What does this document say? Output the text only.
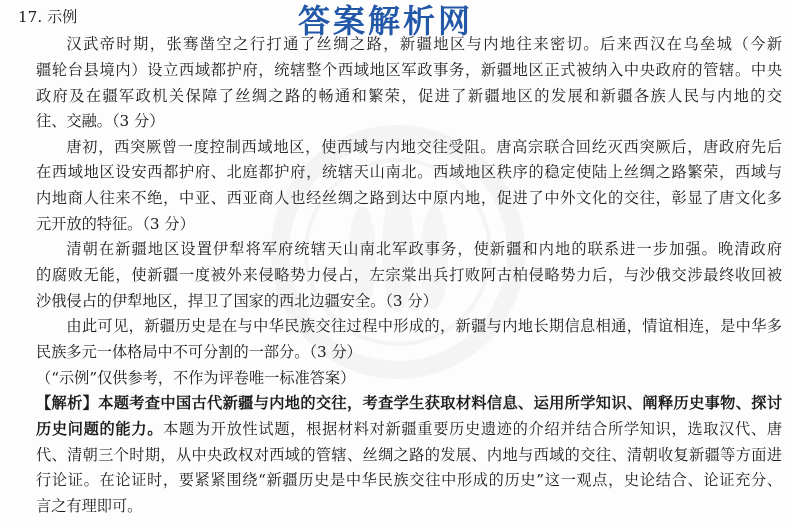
答案解析网
17. 示例
汉武帝时期，张骞凿空之行打通了丝绸之路，新疆地区与内地往来密切。后来西汉在乌垒城（今新
疆轮台县境内）设立西域都护府，统辖整个西域地区军政事务，新疆地区正式被纳入中央政府的管辖。中央
政府及在疆军政机关保障了丝绸之路的畅通和繁荣，促进了新疆地区的发展和新疆各族人民与内地的交
往、交融。（3 分）
唐初，西突厥曾一度控制西域地区，使西域与内地交往受阻。唐高宗联合回纥灭西突厥后，唐政府先后
在西域地区设安西都护府、北庭都护府，统辖天山南北。西域地区秩序的稳定使陆上丝绸之路繁荣，西域与
内地商人往来不绝，中亚、西亚商人也经丝绸之路到达中原内地，促进了中外文化的交往，彰显了唐文化多
元开放的特征。（3 分）
清朝在新疆地区设置伊犁将军府统辖天山南北军政事务，使新疆和内地的联系进一步加强。晚清政府
的腐败无能，使新疆一度被外来侵略势力侵占，左宗棠出兵打败阿古柏侵略势力后，与沙俄交涉最终收回被
沙俄侵占的伊犁地区，捍卫了国家的西北边疆安全。（3 分）
由此可见，新疆历史是在与中华民族交往过程中形成的，新疆与内地长期信息相通，情谊相连，是中华多
民族多元一体格局中不可分割的一部分。（3 分）
（“示例”仅供参考，不作为评卷唯一标准答案）
【解析】本题考查中国古代新疆与内地的交往，考查学生获取材料信息、运用所学知识、阐释历史事物、探讨
历史问题的能力。本题为开放性试题，根据材料对新疆重要历史遗迹的介绍并结合所学知识，选取汉代、唐
代、清朝三个时期，从中央政权对西域的管辖、丝绸之路的发展、内地与西域的交往、清朝收复新疆等方面进
行论证。在论证时，要紧紧围绕“新疆历史是中华民族交往中形成的历史”这一观点，史论结合、论证充分、
言之有理即可。
